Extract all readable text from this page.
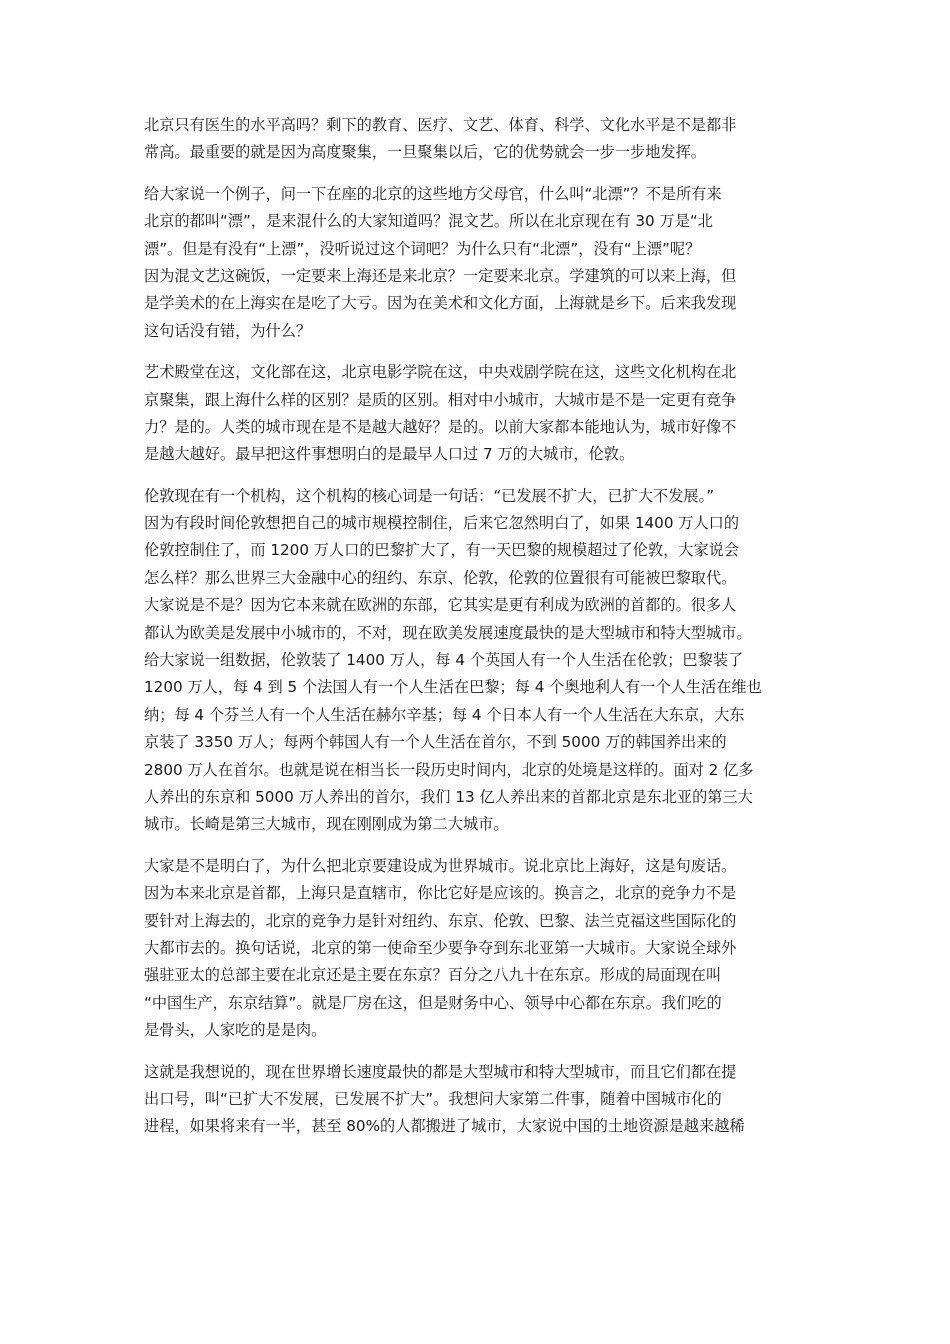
北京只有医生的水平高吗？剩下的教育、医疗、文艺、体育、科学、文化水平是不是都非
常高。最重要的就是因为高度聚集，一旦聚集以后，它的优势就会一步一步地发挥。
给大家说一个例子，问一下在座的北京的这些地方父母官，什么叫“北漂”？不是所有来
北京的都叫“漂”，是来混什么的大家知道吗？混文艺。所以在北京现在有 30 万是“北
漂”。但是有没有“上漂”，没听说过这个词吧？为什么只有“北漂”，没有“上漂”呢？
因为混文艺这碗饭，一定要来上海还是来北京？一定要来北京。学建筑的可以来上海，但
是学美术的在上海实在是吃了大亏。因为在美术和文化方面，上海就是乡下。后来我发现
这句话没有错，为什么？
艺术殿堂在这，文化部在这，北京电影学院在这，中央戏剧学院在这，这些文化机构在北
京聚集，跟上海什么样的区别？是质的区别。相对中小城市，大城市是不是一定更有竞争
力？是的。人类的城市现在是不是越大越好？是的。以前大家都本能地认为，城市好像不
是越大越好。最早把这件事想明白的是最早人口过 7 万的大城市，伦敦。
伦敦现在有一个机构，这个机构的核心词是一句话：“已发展不扩大，已扩大不发展。”
因为有段时间伦敦想把自己的城市规模控制住，后来它忽然明白了，如果 1400 万人口的
伦敦控制住了，而 1200 万人口的巴黎扩大了，有一天巴黎的规模超过了伦敦，大家说会
怎么样？那么世界三大金融中心的纽约、东京、伦敦，伦敦的位置很有可能被巴黎取代。
大家说是不是？因为它本来就在欧洲的东部，它其实是更有利成为欧洲的首都的。很多人
都认为欧美是发展中小城市的，不对，现在欧美发展速度最快的是大型城市和特大型城市。
给大家说一组数据，伦敦装了 1400 万人，每 4 个英国人有一个人生活在伦敦；巴黎装了
1200 万人，每 4 到 5 个法国人有一个人生活在巴黎；每 4 个奥地利人有一个人生活在维也
纳；每 4 个芬兰人有一个人生活在赫尔辛基；每 4 个日本人有一个人生活在大东京，大东
京装了 3350 万人；每两个韩国人有一个人生活在首尔，不到 5000 万的韩国养出来的
2800 万人在首尔。也就是说在相当长一段历史时间内，北京的处境是这样的。面对 2 亿多
人养出的东京和 5000 万人养出的首尔，我们 13 亿人养出来的首都北京是东北亚的第三大
城市。长崎是第三大城市，现在刚刚成为第二大城市。
大家是不是明白了，为什么把北京要建设成为世界城市。说北京比上海好，这是句废话。
因为本来北京是首都，上海只是直辖市，你比它好是应该的。换言之，北京的竞争力不是
要针对上海去的，北京的竞争力是针对纽约、东京、伦敦、巴黎、法兰克福这些国际化的
大都市去的。换句话说，北京的第一使命至少要争夺到东北亚第一大城市。大家说全球外
强驻亚太的总部主要在北京还是主要在东京？百分之八九十在东京。形成的局面现在叫
“中国生产，东京结算”。就是厂房在这，但是财务中心、领导中心都在东京。我们吃的
是骨头，人家吃的是是肉。
这就是我想说的，现在世界增长速度最快的都是大型城市和特大型城市，而且它们都在提
出口号，叫“已扩大不发展，已发展不扩大”。我想问大家第二件事，随着中国城市化的
进程，如果将来有一半，甚至 80%的人都搬进了城市，大家说中国的土地资源是越来越稀
